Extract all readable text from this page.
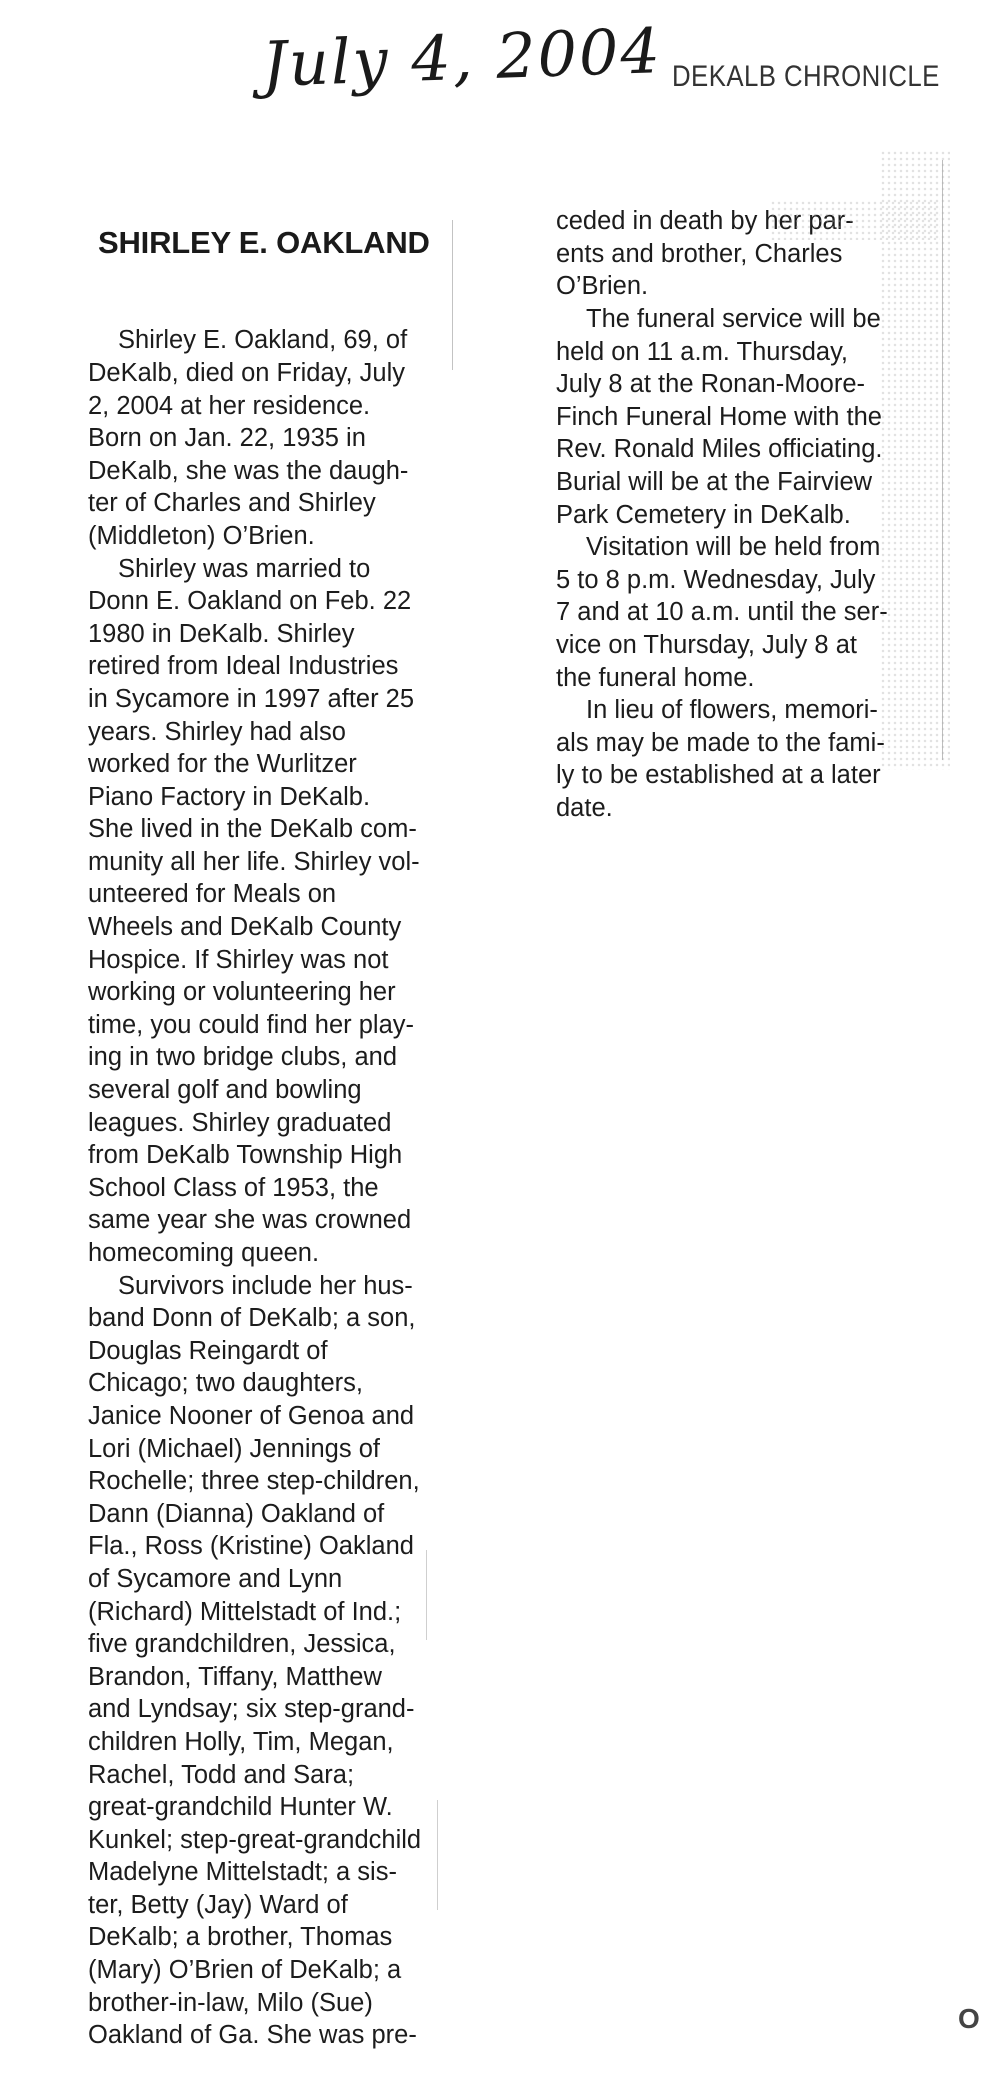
July 4, 2004 DEKALB CHRONICLE

SHIRLEY E. OAKLAND

Shirley E. Oakland, 69, of
DeKalb, died on Friday, July
2, 2004 at her residence.
Born on Jan. 22, 1935 in
DeKalb, she was the daugh-
ter of Charles and Shirley
(Middleton) O’Brien.
Shirley was married to
Donn E. Oakland on Feb. 22
1980 in DeKalb. Shirley
retired from Ideal Industries
in Sycamore in 1997 after 25
years. Shirley had also
worked for the Wurlitzer
Piano Factory in DeKalb.
She lived in the DeKalb com-
munity all her life. Shirley vol-
unteered for Meals on
Wheels and DeKalb County
Hospice. If Shirley was not
working or volunteering her
time, you could find her play-
ing in two bridge clubs, and
several golf and bowling
leagues. Shirley graduated
from DeKalb Township High
School Class of 1953, the
same year she was crowned
homecoming queen.
Survivors include her hus-
band Donn of DeKalb; a son,
Douglas Reingardt of
Chicago; two daughters,
Janice Nooner of Genoa and
Lori (Michael) Jennings of
Rochelle; three step-children,
Dann (Dianna) Oakland of
Fla., Ross (Kristine) Oakland
of Sycamore and Lynn
(Richard) Mittelstadt of Ind.;
five grandchildren, Jessica,
Brandon, Tiffany, Matthew
and Lyndsay; six step-grand-
children Holly, Tim, Megan,
Rachel, Todd and Sara;
great-grandchild Hunter W.
Kunkel; step-great-grandchild
Madelyne Mittelstadt; a sis-
ter, Betty (Jay) Ward of
DeKalb; a brother, Thomas
(Mary) O’Brien of DeKalb; a
brother-in-law, Milo (Sue)
Oakland of Ga. She was pre-

ceded in death by her par-
ents and brother, Charles
O’Brien.
The funeral service will be
held on 11 a.m. Thursday,
July 8 at the Ronan-Moore-
Finch Funeral Home with the
Rev. Ronald Miles officiating.
Burial will be at the Fairview
Park Cemetery in DeKalb.
Visitation will be held from
5 to 8 p.m. Wednesday, July
7 and at 10 a.m. until the ser-
vice on Thursday, July 8 at
the funeral home.
In lieu of flowers, memori-
als may be made to the fami-
ly to be established at a later
date.

O
